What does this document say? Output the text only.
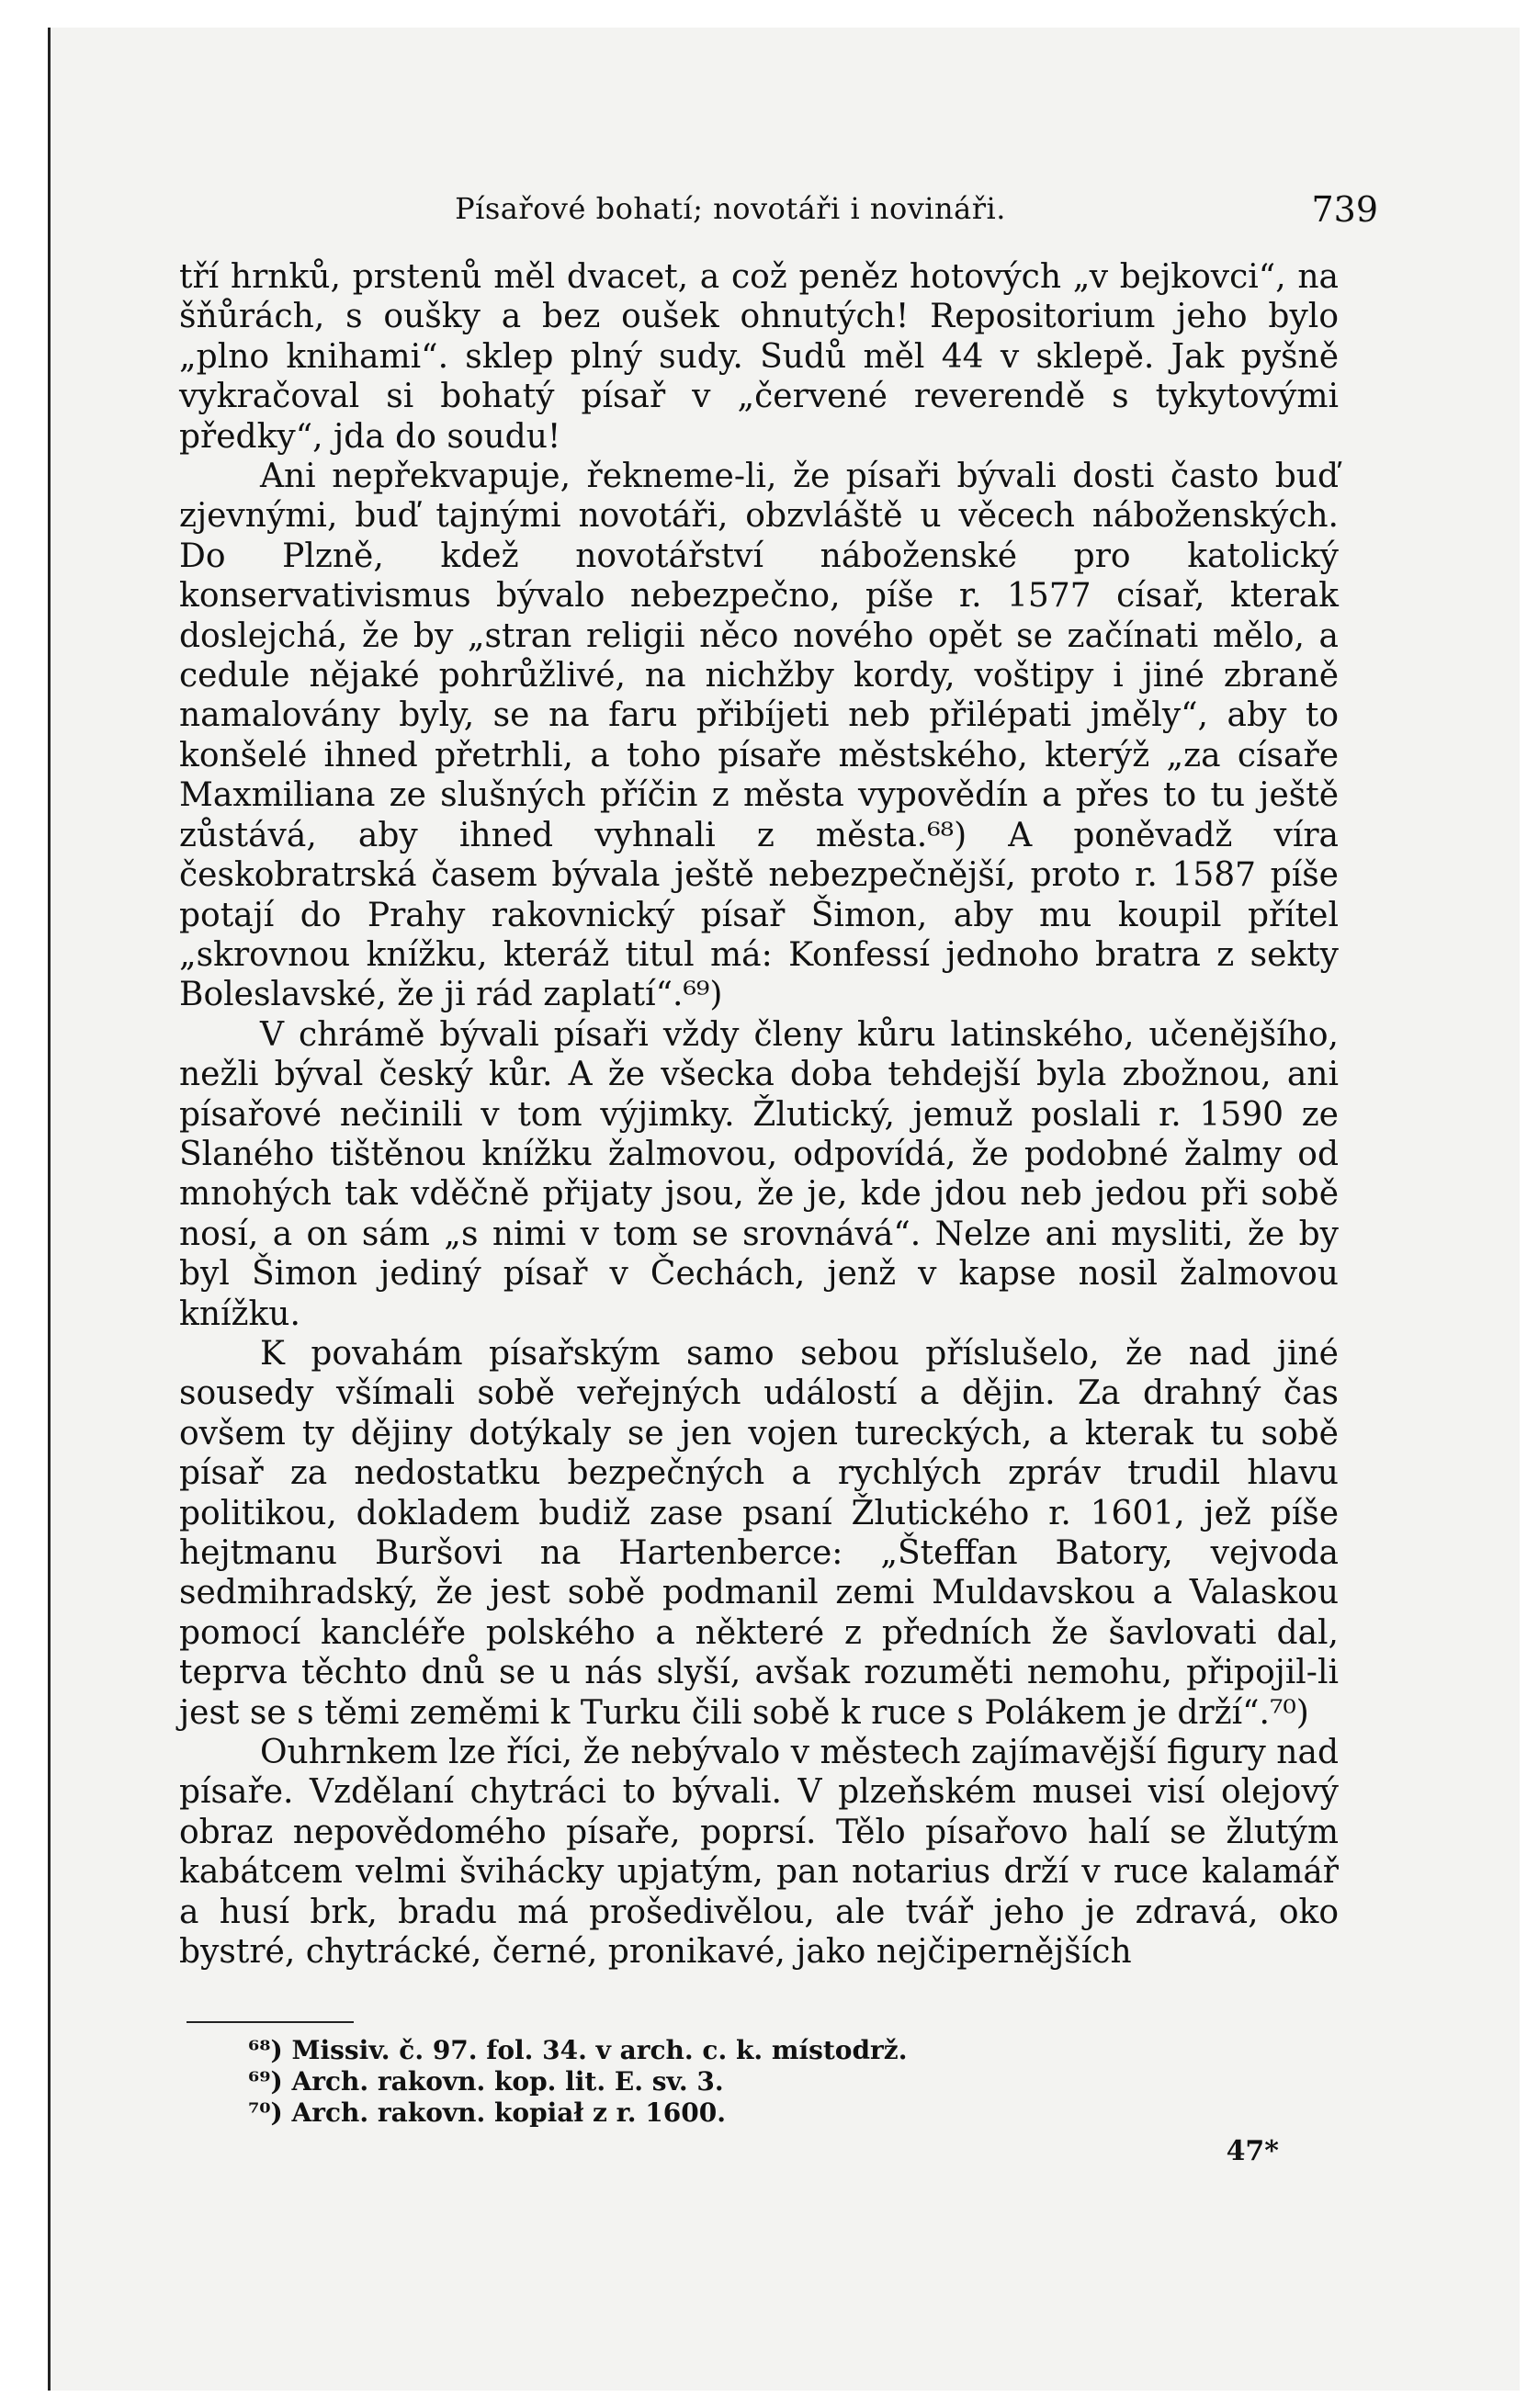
Písařové bohatí; novotáři i novináři.	739

tří hrnků, prstenů měl dvacet, a což peněz hotových „v bejkovci“, na šňůrách, s oušky a bez oušek ohnutých! Repositorium jeho bylo „plno knihami“. sklep plný sudy. Sudů měl 44 v sklepě. Jak pyšně vykračoval si bohatý písař v „červené reverendě s tykytovými předky“, jda do soudu!

Ani nepřekvapuje, řekneme-li, že písaři bývali dosti často buď zjevnými, buď tajnými novotáři, obzvláště u věcech náboženských. Do Plzně, kdež novotářství náboženské pro katolický konservativismus bývalo nebezpečno, píše r. 1577 císař, kterak doslejchá, že by „stran religii něco nového opět se začínati mělo, a cedule nějaké pohrůžlivé, na nichžby kordy, voštipy i jiné zbraně namalovány byly, se na faru přibíjeti neb přilépati jměly“, aby to konšelé ihned přetrhli, a toho písaře městského, kterýž „za císaře Maxmiliana ze slušných příčin z města vypovědín a přes to tu ještě zůstává, aby ihned vyhnali z města.⁶⁸) A poněvadž víra českobratrská časem bývala ještě nebezpečnější, proto r. 1587 píše potají do Prahy rakovnický písař Šimon, aby mu koupil přítel „skrovnou knížku, kteráž titul má: Konfessí jednoho bratra z sekty Boleslavské, že ji rád zaplatí“.⁶⁹)

V chrámě bývali písaři vždy členy kůru latinského, učenějšího, nežli býval český kůr. A že všecka doba tehdejší byla zbožnou, ani písařové nečinili v tom výjimky. Žlutický, jemuž poslali r. 1590 ze Slaného tištěnou knížku žalmovou, odpovídá, že podobné žalmy od mnohých tak vděčně přijaty jsou, že je, kde jdou neb jedou při sobě nosí, a on sám „s nimi v tom se srovnává“. Nelze ani mysliti, že by byl Šimon jediný písař v Čechách, jenž v kapse nosil žalmovou knížku.

K povahám písařským samo sebou příslušelo, že nad jiné sousedy všímali sobě veřejných událostí a dějin. Za drahný čas ovšem ty dějiny dotýkaly se jen vojen tureckých, a kterak tu sobě písař za nedostatku bezpečných a rychlých zpráv trudil hlavu politikou, dokladem budiž zase psaní Žlutického r. 1601, jež píše hejtmanu Buršovi na Hartenberce: „Šteffan Batory, vejvoda sedmihradský, že jest sobě podmanil zemi Muldavskou a Valaskou pomocí kancléře polského a některé z předních že šavlovati dal, teprva těchto dnů se u nás slyší, avšak rozuměti nemohu, připojil-li jest se s těmi zeměmi k Turku čili sobě k ruce s Polákem je drží“.⁷⁰)

Ouhrnkem lze říci, že nebývalo v městech zajímavější figury nad písaře. Vzdělaní chytráci to bývali. V plzeňském musei visí olejový obraz nepovědomého písaře, poprsí. Tělo písařovo halí se žlutým kabátcem velmi švihácky upjatým, pan notarius drží v ruce kalamář a husí brk, bradu má prošedivělou, ale tvář jeho je zdravá, oko bystré, chytrácké, černé, pronikavé, jako nejčipernějších

⁶⁸) Missiv. č. 97. fol. 34. v arch. c. k. místodrž.
⁶⁹) Arch. rakovn. kop. lit. E. sv. 3.
⁷⁰) Arch. rakovn. kopiał z r. 1600.
47*
